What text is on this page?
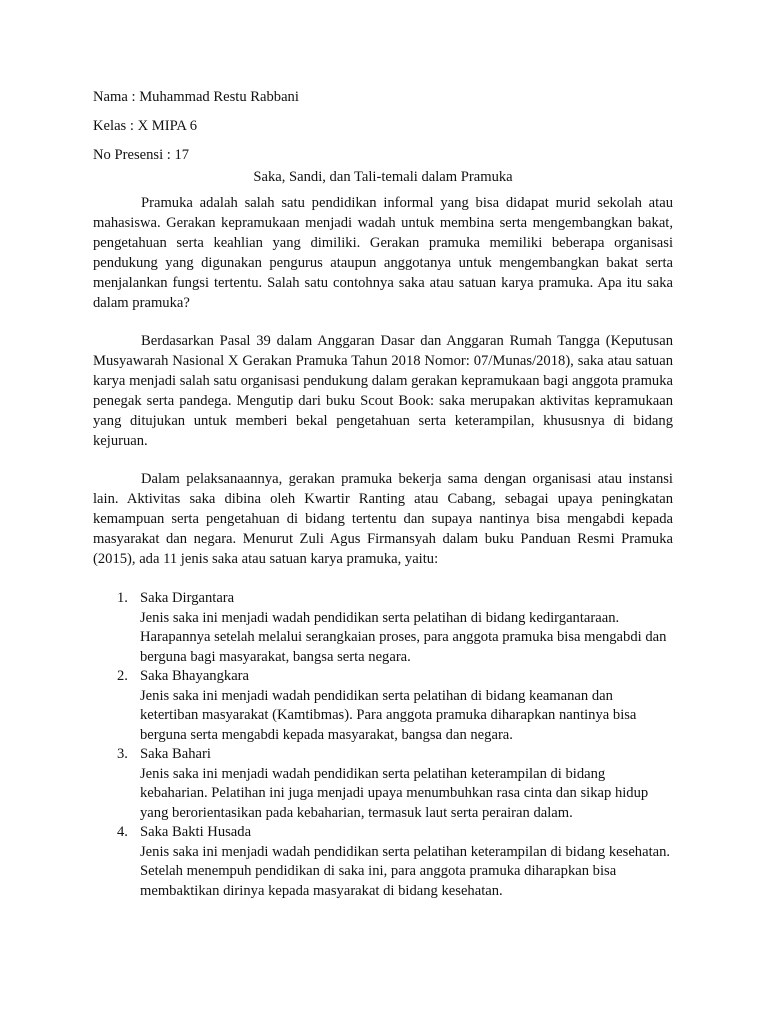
Nama : Muhammad Restu Rabbani
Kelas : X MIPA 6
No Presensi : 17
Saka, Sandi, dan Tali-temali dalam Pramuka

Pramuka adalah salah satu pendidikan informal yang bisa didapat murid sekolah atau mahasiswa. Gerakan kepramukaan menjadi wadah untuk membina serta mengembangkan bakat, pengetahuan serta keahlian yang dimiliki. Gerakan pramuka memiliki beberapa organisasi pendukung yang digunakan pengurus ataupun anggotanya untuk mengembangkan bakat serta menjalankan fungsi tertentu. Salah satu contohnya saka atau satuan karya pramuka. Apa itu saka dalam pramuka?

Berdasarkan Pasal 39 dalam Anggaran Dasar dan Anggaran Rumah Tangga (Keputusan Musyawarah Nasional X Gerakan Pramuka Tahun 2018 Nomor: 07/Munas/2018), saka atau satuan karya menjadi salah satu organisasi pendukung dalam gerakan kepramukaan bagi anggota pramuka penegak serta pandega. Mengutip dari buku Scout Book: saka merupakan aktivitas kepramukaan yang ditujukan untuk memberi bekal pengetahuan serta keterampilan, khususnya di bidang kejuruan.

Dalam pelaksanaannya, gerakan pramuka bekerja sama dengan organisasi atau instansi lain. Aktivitas saka dibina oleh Kwartir Ranting atau Cabang, sebagai upaya peningkatan kemampuan serta pengetahuan di bidang tertentu dan supaya nantinya bisa mengabdi kepada masyarakat dan negara. Menurut Zuli Agus Firmansyah dalam buku Panduan Resmi Pramuka (2015), ada 11 jenis saka atau satuan karya pramuka, yaitu:

1. Saka Dirgantara
Jenis saka ini menjadi wadah pendidikan serta pelatihan di bidang kedirgantaraan. Harapannya setelah melalui serangkaian proses, para anggota pramuka bisa mengabdi dan berguna bagi masyarakat, bangsa serta negara.
2. Saka Bhayangkara
Jenis saka ini menjadi wadah pendidikan serta pelatihan di bidang keamanan dan ketertiban masyarakat (Kamtibmas). Para anggota pramuka diharapkan nantinya bisa berguna serta mengabdi kepada masyarakat, bangsa dan negara.
3. Saka Bahari
Jenis saka ini menjadi wadah pendidikan serta pelatihan keterampilan di bidang kebaharian. Pelatihan ini juga menjadi upaya menumbuhkan rasa cinta dan sikap hidup yang berorientasikan pada kebaharian, termasuk laut serta perairan dalam.
4. Saka Bakti Husada
Jenis saka ini menjadi wadah pendidikan serta pelatihan keterampilan di bidang kesehatan. Setelah menempuh pendidikan di saka ini, para anggota pramuka diharapkan bisa membaktikan dirinya kepada masyarakat di bidang kesehatan.
